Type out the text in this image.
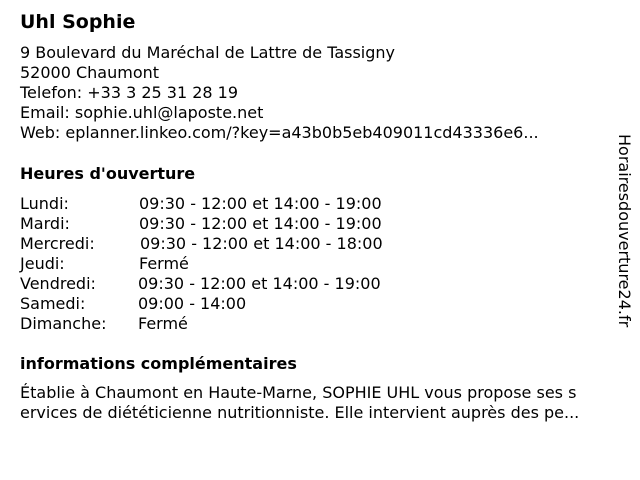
Uhl Sophie
9 Boulevard du Maréchal de Lattre de Tassigny
52000 Chaumont
Telefon: +33 3 25 31 28 19
Email: sophie.uhl@laposte.net
Web: eplanner.linkeo.com/?key=a43b0b5eb409011cd43336e6...
Heures d'ouverture
Lundi:	09:30 - 12:00 et 14:00 - 19:00
Mardi:	09:30 - 12:00 et 14:00 - 19:00
Mercredi:	09:30 - 12:00 et 14:00 - 18:00
Jeudi:	Fermé
Vendredi:	09:30 - 12:00 et 14:00 - 19:00
Samedi:	09:00 - 14:00
Dimanche: Fermé
informations complémentaires
Établie à Chaumont en Haute-Marne, SOPHIE UHL vous propose ses s
ervices de diététicienne nutritionniste. Elle intervient auprès des pe...
Horairesdouverture24.fr
